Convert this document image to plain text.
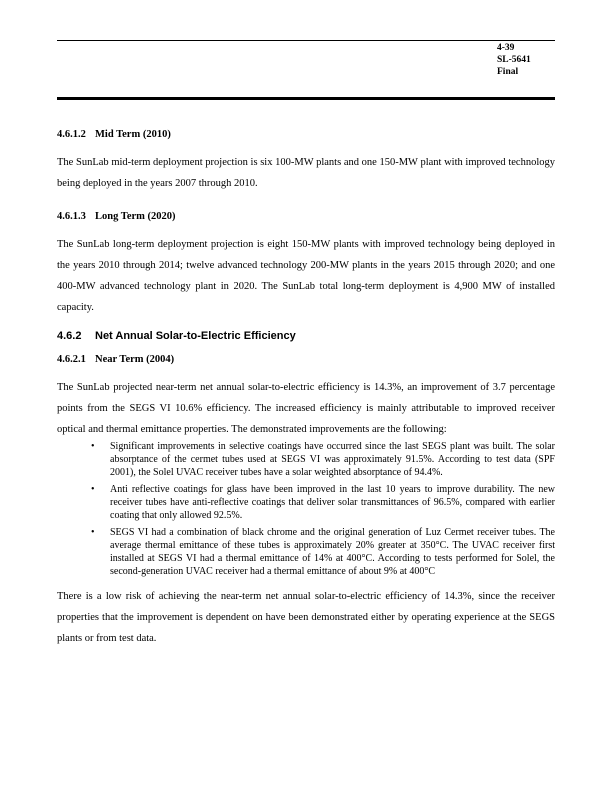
4-39
SL-5641
Final
4.6.1.2 Mid Term (2010)

The SunLab mid-term deployment projection is six 100-MW plants and one 150-MW plant with improved technology being deployed in the years 2007 through 2010.

4.6.1.3 Long Term (2020)

The SunLab long-term deployment projection is eight 150-MW plants with improved technology being deployed in the years 2010 through 2014; twelve advanced technology 200-MW plants in the years 2015 through 2020; and one 400-MW advanced technology plant in 2020. The SunLab total long-term deployment is 4,900 MW of installed capacity.

4.6.2 Net Annual Solar-to-Electric Efficiency
4.6.2.1 Near Term (2004)

The SunLab projected near-term net annual solar-to-electric efficiency is 14.3%, an improvement of 3.7 percentage points from the SEGS VI 10.6% efficiency. The increased efficiency is mainly attributable to improved receiver optical and thermal emittance properties. The demonstrated improvements are the following:

• Significant improvements in selective coatings have occurred since the last SEGS plant was built. The solar absorptance of the cermet tubes used at SEGS VI was approximately 91.5%. According to test data (SPF 2001), the Solel UVAC receiver tubes have a solar weighted absorptance of 94.4%.
• Anti reflective coatings for glass have been improved in the last 10 years to improve durability. The new receiver tubes have anti-reflective coatings that deliver solar transmittances of 96.5%, compared with earlier coating that only allowed 92.5%.
• SEGS VI had a combination of black chrome and the original generation of Luz Cermet receiver tubes. The average thermal emittance of these tubes is approximately 20% greater at 350°C. The UVAC receiver first installed at SEGS VI had a thermal emittance of 14% at 400°C. According to tests performed for Solel, the second-generation UVAC receiver had a thermal emittance of about 9% at 400°C

There is a low risk of achieving the near-term net annual solar-to-electric efficiency of 14.3%, since the receiver properties that the improvement is dependent on have been demonstrated either by operating experience at the SEGS plants or from test data.
